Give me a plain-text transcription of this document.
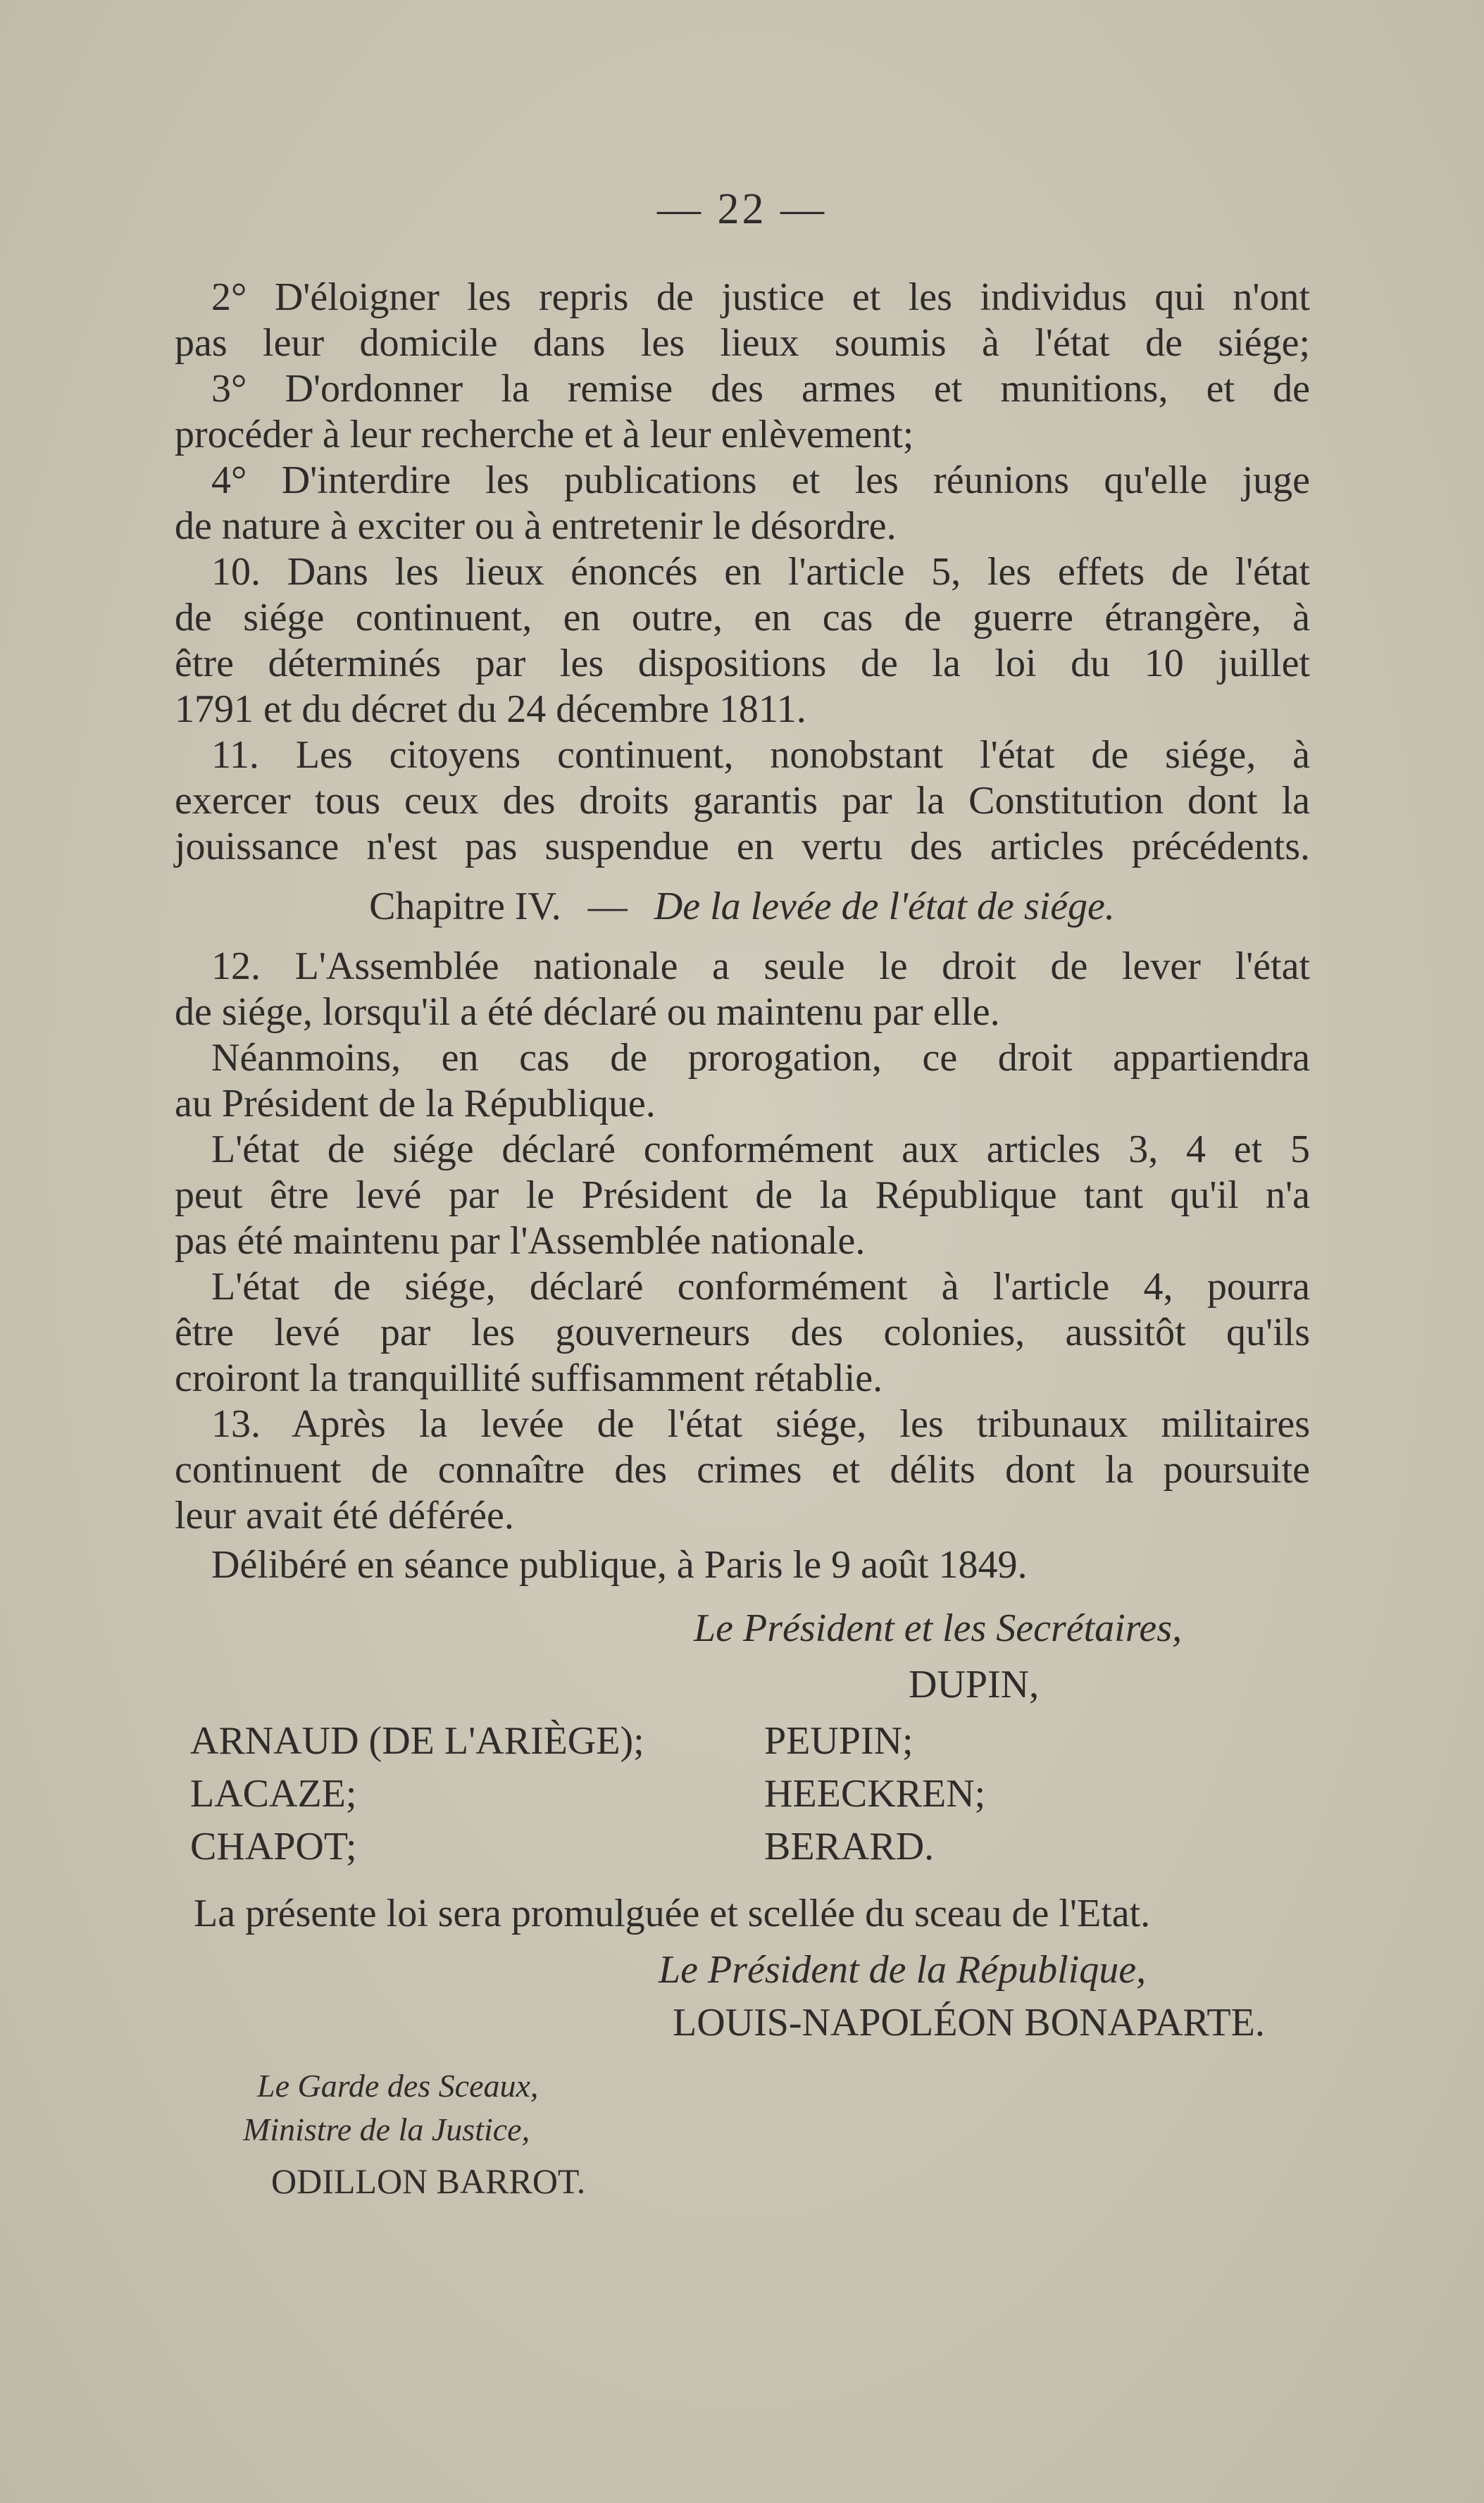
— 22 —
2° D'éloigner les repris de justice et les individus qui n'ont
pas leur domicile dans les lieux soumis à l'état de siége;
3° D'ordonner la remise des armes et munitions, et de
procéder à leur recherche et à leur enlèvement;
4° D'interdire les publications et les réunions qu'elle juge
de nature à exciter ou à entretenir le désordre.
10. Dans les lieux énoncés en l'article 5, les effets de l'état
de siége continuent, en outre, en cas de guerre étrangère, à
être déterminés par les dispositions de la loi du 10 juillet
1791 et du décret du 24 décembre 1811.
11. Les citoyens continuent, nonobstant l'état de siége, à
exercer tous ceux des droits garantis par la Constitution dont la
jouissance n'est pas suspendue en vertu des articles précédents.
Chapitre IV. — De la levée de l'état de siége.
12. L'Assemblée nationale a seule le droit de lever l'état
de siége, lorsqu'il a été déclaré ou maintenu par elle.
Néanmoins, en cas de prorogation, ce droit appartiendra
au Président de la République.
L'état de siége déclaré conformément aux articles 3, 4 et 5
peut être levé par le Président de la République tant qu'il n'a
pas été maintenu par l'Assemblée nationale.
L'état de siége, déclaré conformément à l'article 4, pourra
être levé par les gouverneurs des colonies, aussitôt qu'ils
croiront la tranquillité suffisamment rétablie.
13. Après la levée de l'état siége, les tribunaux militaires
continuent de connaître des crimes et délits dont la poursuite
leur avait été déférée.
Délibéré en séance publique, à Paris le 9 août 1849.
Le Président et les Secrétaires,
DUPIN,
ARNAUD (DE L'ARIÈGE);
LACAZE;
CHAPOT;
PEUPIN;
HEECKREN;
BERARD.
La présente loi sera promulguée et scellée du sceau de l'Etat.
Le Président de la République,
LOUIS-NAPOLÉON BONAPARTE.
Le Garde des Sceaux,
Ministre de la Justice,
ODILLON BARROT.
